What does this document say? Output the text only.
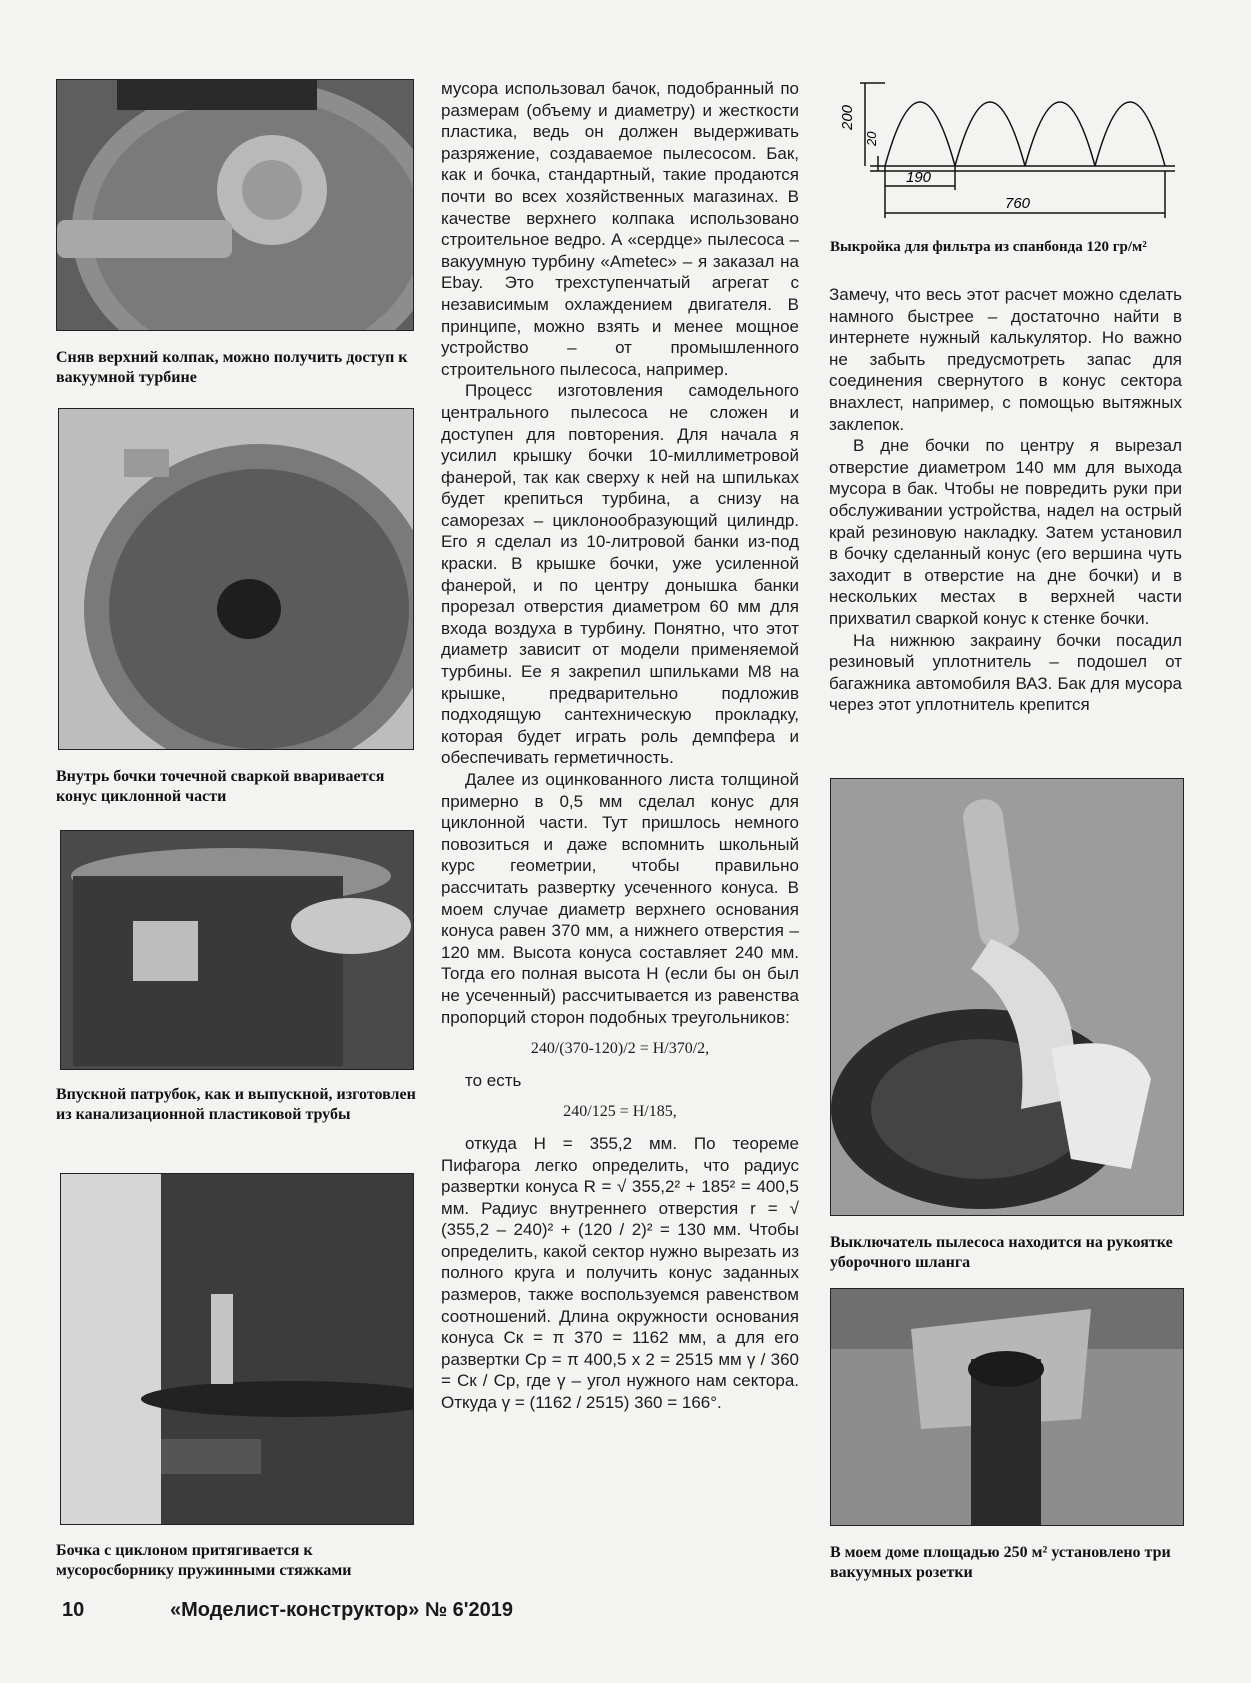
Сняв верхний колпак, можно получить доступ к вакуумной турбине
Внутрь бочки точечной сваркой вваривается конус циклонной части
Впускной патрубок, как и выпускной, изготовлен из канализационной пластиковой трубы
Бочка с циклоном притягивается к мусоросборнику пружинными стяжками

мусора использовал бачок, подобранный по размерам (объему и диаметру) и жесткости пластика, ведь он должен выдерживать разряжение, создаваемое пылесосом. Бак, как и бочка, стандартный, такие продаются почти во всех хозяйственных магазинах. В качестве верхнего колпака использовано строительное ведро. А «сердце» пылесоса – вакуумную турбину «Ametec» – я заказал на Ebay. Это трехступенчатый агрегат с независимым охлаждением двигателя. В принципе, можно взять и менее мощное устройство – от промышленного строительного пылесоса, например.

Процесс изготовления самодельного центрального пылесоса не сложен и доступен для повторения. Для начала я усилил крышку бочки 10-миллиметровой фанерой, так как сверху к ней на шпильках будет крепиться турбина, а снизу на саморезах – циклонообразующий цилиндр. Его я сделал из 10-литровой банки из-под краски. В крышке бочки, уже усиленной фанерой, и по центру донышка банки прорезал отверстия диаметром 60 мм для входа воздуха в турбину. Понятно, что этот диаметр зависит от модели применяемой турбины. Ее я закрепил шпильками М8 на крышке, предварительно подложив подходящую сантехническую прокладку, которая будет играть роль демпфера и обеспечивать герметичность.

Далее из оцинкованного листа толщиной примерно в 0,5 мм сделал конус для циклонной части. Тут пришлось немного повозиться и даже вспомнить школьный курс геометрии, чтобы правильно рассчитать развертку усеченного конуса. В моем случае диаметр верхнего основания конуса равен 370 мм, а нижнего отверстия – 120 мм. Высота конуса составляет 240 мм. Тогда его полная высота Н (если бы он был не усеченный) рассчитывается из равенства пропорций сторон подобных треугольников:

240/(370-120)/2 = H/370/2,

то есть

240/125 = H/185,

откуда Н = 355,2 мм. По теореме Пифагора легко определить, что радиус развертки конуса R = √ 355,2² + 185² = 400,5 мм. Радиус внутреннего отверстия r = √ (355,2 – 240)² + (120 / 2)² = 130 мм. Чтобы определить, какой сектор нужно вырезать из полного круга и получить конус заданных размеров, также воспользуемся равенством соотношений. Длина окружности основания конуса Ск = π 370 = 1162 мм, а для его развертки Ср = π 400,5 х 2 = 2515 мм γ / 360 = Ск / Ср, где γ – угол нужного нам сектора. Откуда γ = (1162 / 2515) 360 = 166°.

200
20
190
760
Выкройка для фильтра из спанбонда 120 гр/м²

Замечу, что весь этот расчет можно сделать намного быстрее – достаточно найти в интернете нужный калькулятор. Но важно не забыть предусмотреть запас для соединения свернутого в конус сектора внахлест, например, с помощью вытяжных заклепок.

В дне бочки по центру я вырезал отверстие диаметром 140 мм для выхода мусора в бак. Чтобы не повредить руки при обслуживании устройства, надел на острый край резиновую накладку. Затем установил в бочку сделанный конус (его вершина чуть заходит в отверстие на дне бочки) и в нескольких местах в верхней части прихватил сваркой конус к стенке бочки.

На нижнюю закраину бочки посадил резиновый уплотнитель – подошел от багажника автомобиля ВАЗ. Бак для мусора через этот уплотнитель крепится

Выключатель пылесоса находится на рукоятке уборочного шланга
В моем доме площадью 250 м² установлено три вакуумных розетки
10	«Моделист-конструктор» № 6'2019
